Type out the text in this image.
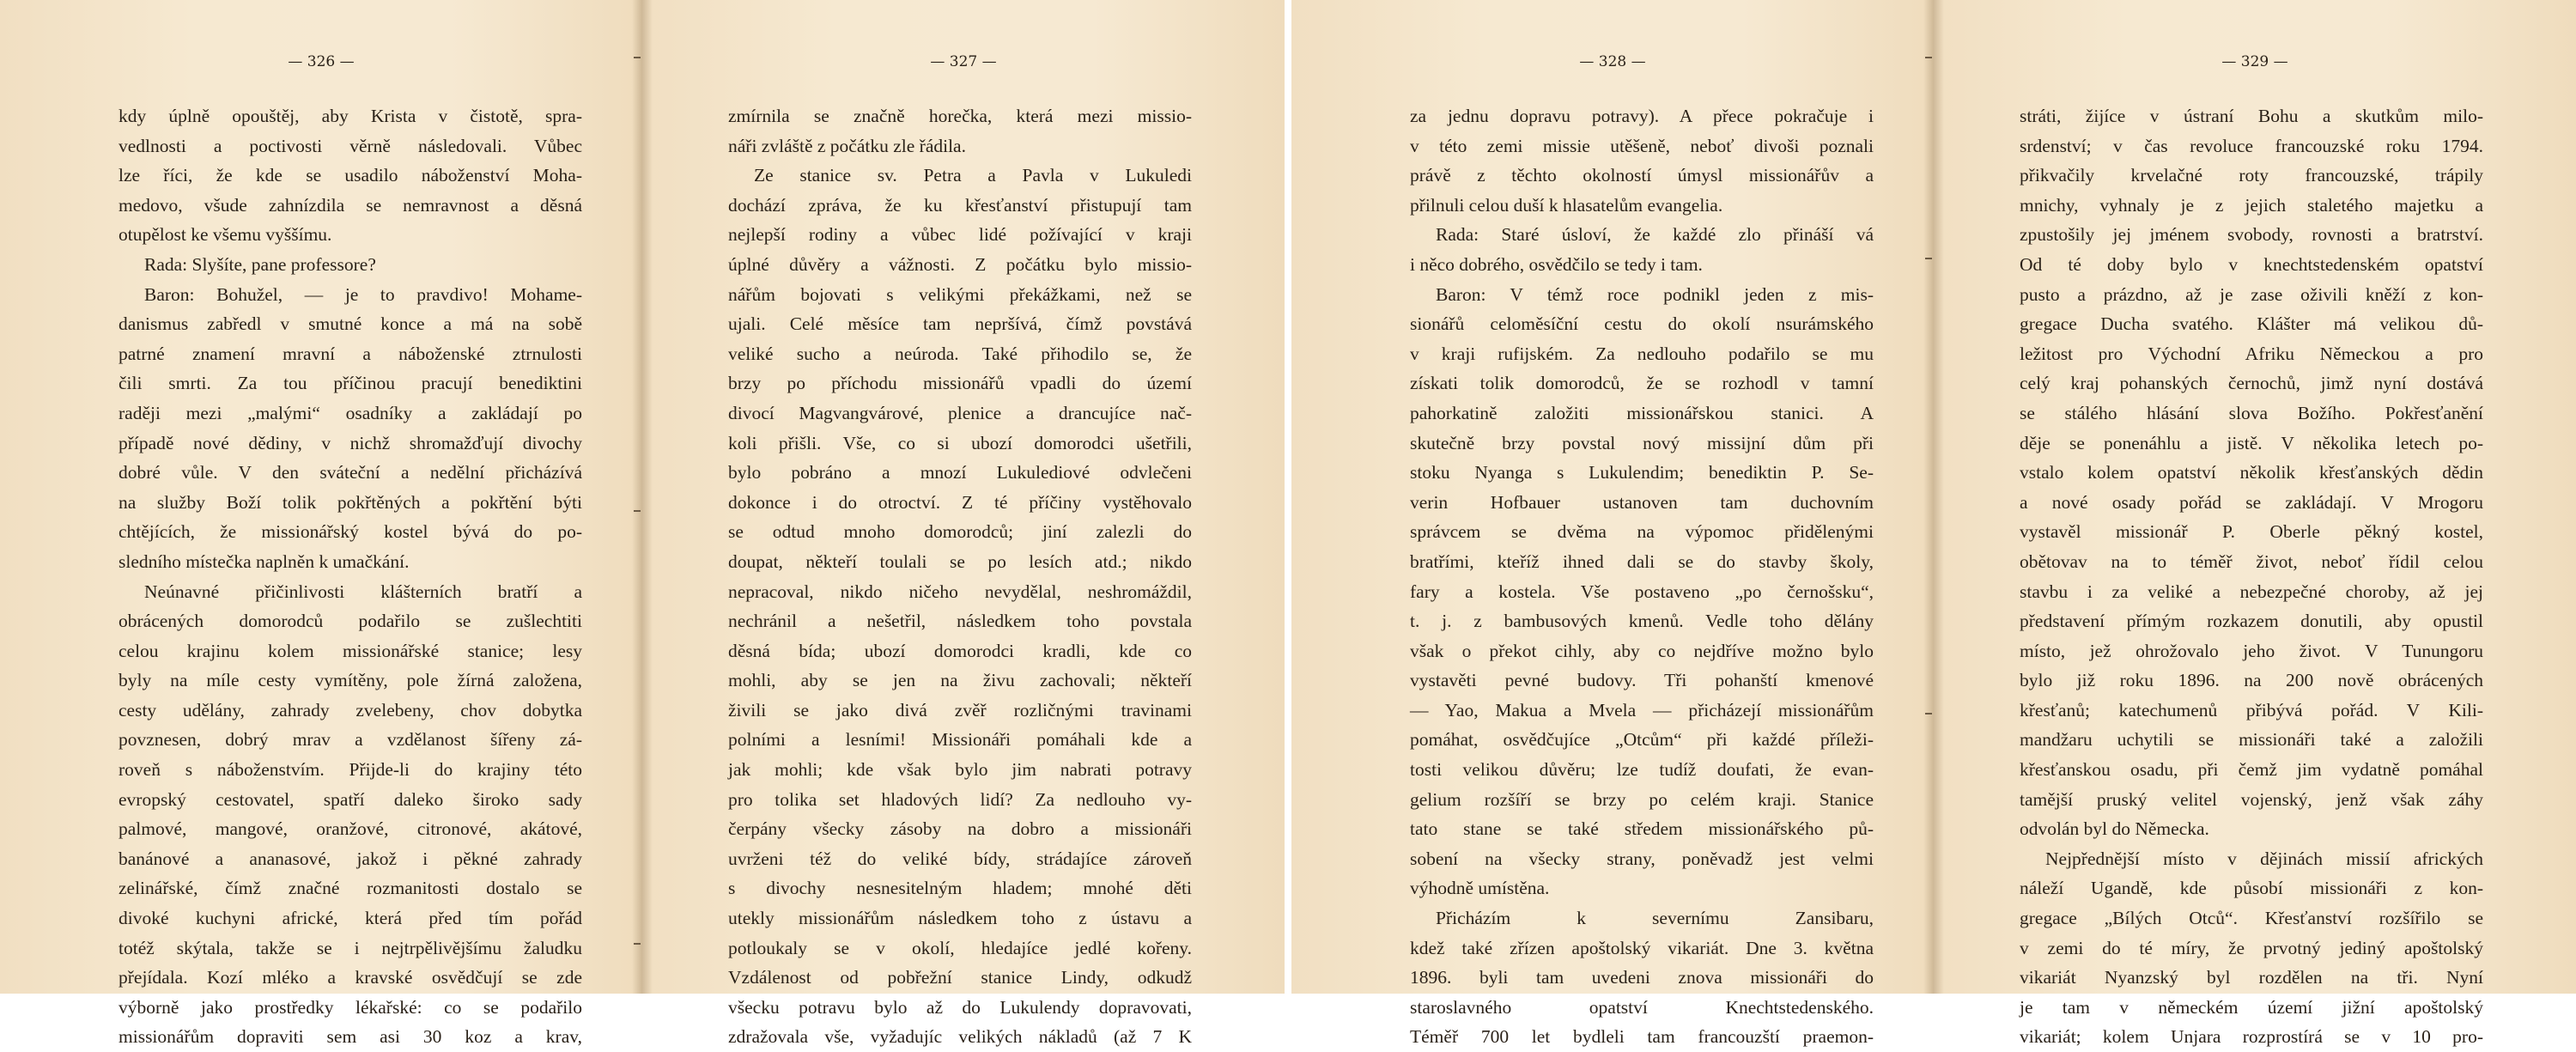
— 326 —
kdy úplně opouštěj, aby Krista v čistotě, spra-
vedlnosti a poctivosti věrně následovali. Vůbec
lze říci, že kde se usadilo náboženství Moha-
medovo, všude zahnízdila se nemravnost a děsná
otupělost ke všemu vyššímu.
Rada: Slyšíte, pane professore?
Baron: Bohužel, — je to pravdivo! Mohame-
danismus zabředl v smutné konce a má na sobě
patrné znamení mravní a náboženské ztrnulosti
čili smrti. Za tou příčinou pracují benediktini
raději mezi „malými“ osadníky a zakládají po
případě nové dědiny, v nichž shromažďují divochy
dobré vůle. V den sváteční a nedělní přicházívá
na služby Boží tolik pokřtěných a pokřtění býti
chtějících, že missionářský kostel bývá do po-
sledního místečka naplněn k umačkání.
Neúnavné přičinlivosti klášterních bratří a
obrácených domorodců podařilo se zušlechtiti
celou krajinu kolem missionářské stanice; lesy
byly na míle cesty vymítěny, pole žírná založena,
cesty udělány, zahrady zvelebeny, chov dobytka
povznesen, dobrý mrav a vzdělanost šířeny zá-
roveň s náboženstvím. Přijde-li do krajiny této
evropský cestovatel, spatří daleko široko sady
palmové, mangové, oranžové, citronové, akátové,
banánové a ananasové, jakož i pěkné zahrady
zelinářské, čímž značné rozmanitosti dostalo se
divoké kuchyni africké, která před tím pořád
totéž skýtala, takže se i nejtrpělivějšímu žaludku
přejídala. Kozí mléko a kravské osvědčují se zde
výborně jako prostředky lékařské: co se podařilo
missionářům dopraviti sem asi 30 koz a krav,
— 327 —
zmírnila se značně horečka, která mezi missio-
náři zvláště z počátku zle řádila.
Ze stanice sv. Petra a Pavla v Lukuledi
dochází zpráva, že ku křesťanství přistupují tam
nejlepší rodiny a vůbec lidé požívající v kraji
úplné důvěry a vážnosti. Z počátku bylo missio-
nářům bojovati s velikými překážkami, než se
ujali. Celé měsíce tam nepršívá, čímž povstává
veliké sucho a neúroda. Také přihodilo se, že
brzy po příchodu missionářů vpadli do území
divocí Magvangvárové, plenice a drancujíce nač-
koli přišli. Vše, co si ubozí domorodci ušetřili,
bylo pobráno a mnozí Lukulediové odvlečeni
dokonce i do otroctví. Z té příčiny vystěhovalo
se odtud mnoho domorodců; jiní zalezli do
doupat, někteří toulali se po lesích atd.; nikdo
nepracoval, nikdo ničeho nevydělal, neshromáždil,
nechránil a nešetřil, následkem toho povstala
děsná bída; ubozí domorodci kradli, kde co
mohli, aby se jen na živu zachovali; někteří
živili se jako divá zvěř rozličnými travinami
polními a lesními! Missionáři pomáhali kde a
jak mohli; kde však bylo jim nabrati potravy
pro tolika set hladových lidí? Za nedlouho vy-
čerpány všecky zásoby na dobro a missionáři
uvrženi též do veliké bídy, strádajíce zároveň
s divochy nesnesitelným hladem; mnohé děti
utekly missionářům následkem toho z ústavu a
potloukaly se v okolí, hledajíce jedlé kořeny.
Vzdálenost od pobřežní stanice Lindy, odkudž
všecku potravu bylo až do Lukulendy dopravovati,
zdražovala vše, vyžadujíc velikých nákladů (až 7 K
— 328 —
za jednu dopravu potravy). A přece pokračuje i
v této zemi missie utěšeně, neboť divoši poznali
právě z těchto okolností úmysl missionářův a
přilnuli celou duší k hlasatelům evangelia.
Rada: Staré úsloví, že každé zlo přináší vá
i něco dobrého, osvědčilo se tedy i tam.
Baron: V témž roce podnikl jeden z mis-
sionářů celoměsíční cestu do okolí nsurámského
v kraji rufijském. Za nedlouho podařilo se mu
získati tolik domorodců, že se rozhodl v tamní
pahorkatině založiti missionářskou stanici. A
skutečně brzy povstal nový missijní dům při
stoku Nyanga s Lukulendim; benediktin P. Se-
verin Hofbauer ustanoven tam duchovním
správcem se dvěma na výpomoc přidělenými
bratřími, kteříž ihned dali se do stavby školy,
fary a kostela. Vše postaveno „po černošsku“,
t. j. z bambusových kmenů. Vedle toho dělány
však o překot cihly, aby co nejdříve možno bylo
vystavěti pevné budovy. Tři pohanští kmenové
— Yao, Makua a Mvela — přicházejí missionářům
pomáhat, osvědčujíce „Otcům“ při každé příleži-
tosti velikou důvěru; lze tudíž doufati, že evan-
gelium rozšíří se brzy po celém kraji. Stanice
tato stane se také středem missionářského pů-
sobení na všecky strany, poněvadž jest velmi
výhodně umístěna.
Přicházím k severnímu Zansibaru,
kdež také zřízen apoštolský vikariát. Dne 3. května
1896. byli tam uvedeni znova missionáři do
staroslavného opatství Knechtstedenského.
Téměř 700 let bydleli tam francouzští praemon-
— 329 —
stráti, žijíce v ústraní Bohu a skutkům milo-
srdenství; v čas revoluce francouzské roku 1794.
přikvačily krvelačné roty francouzské, trápily
mnichy, vyhnaly je z jejich staletého majetku a
zpustošily jej jménem svobody, rovnosti a bratrství.
Od té doby bylo v knechtstedenském opatství
pusto a prázdno, až je zase oživili kněží z kon-
gregace Ducha svatého. Klášter má velikou dů-
ležitost pro Východní Afriku Německou a pro
celý kraj pohanských černochů, jimž nyní dostává
se stálého hlásání slova Božího. Pokřesťanění
děje se ponenáhlu a jistě. V několika letech po-
vstalo kolem opatství několik křesťanských dědin
a nové osady pořád se zakládají. V Mrogoru
vystavěl missionář P. Oberle pěkný kostel,
obětovav na to téměř život, neboť řídil celou
stavbu i za veliké a nebezpečné choroby, až jej
představení přímým rozkazem donutili, aby opustil
místo, jež ohrožovalo jeho život. V Tunungoru
bylo již roku 1896. na 200 nově obrácených
křesťanů; katechumenů přibývá pořád. V Kili-
mandžaru uchytili se missionáři také a založili
křesťanskou osadu, při čemž jim vydatně pomáhal
tamější pruský velitel vojenský, jenž však záhy
odvolán byl do Německa.
Nejpřednější místo v dějinách missií afrických
náleží Ugandě, kde působí missionáři z kon-
gregace „Bílých Otců“. Křesťanství rozšířilo se
v zemi do té míry, že prvotný jediný apoštolský
vikariát Nyanzský byl rozdělen na tři. Nyní
je tam v německém území jižní apoštolský
vikariát; kolem Unjara rozprostírá se v 10 pro-
